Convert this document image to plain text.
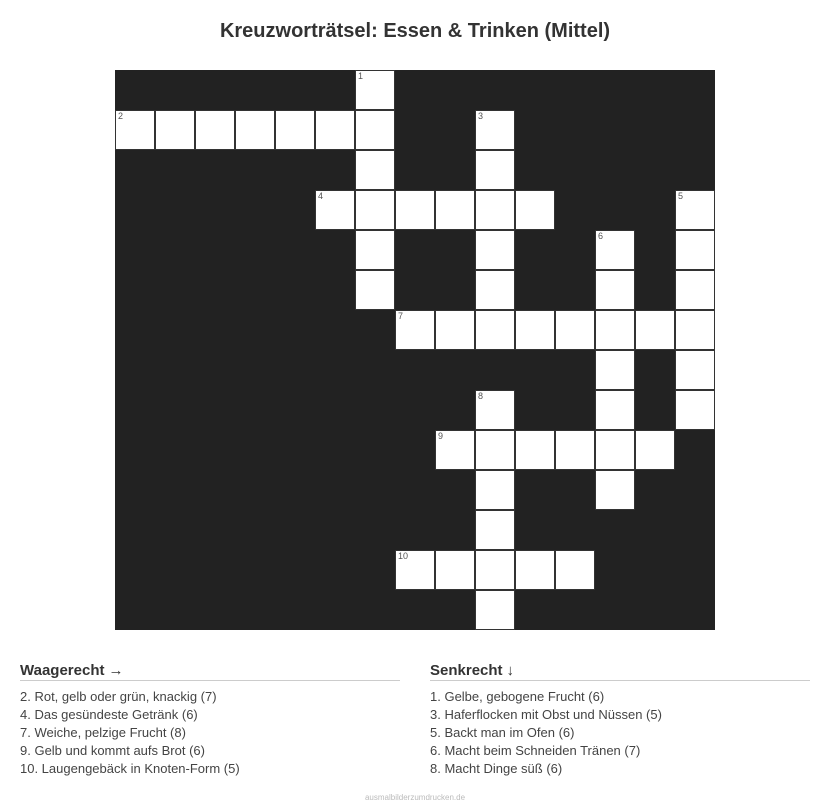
Kreuzworträtsel: Essen & Trinken (Mittel)
1
2	3
4	5
6
7
8
9
10
Waagerecht →
2. Rot, gelb oder grün, knackig (7)
4. Das gesündeste Getränk (6)
7. Weiche, pelzige Frucht (8)
9. Gelb und kommt aufs Brot (6)
10. Laugengebäck in Knoten-Form (5)
Senkrecht ↓
1. Gelbe, gebogene Frucht (6)
3. Haferflocken mit Obst und Nüssen (5)
5. Backt man im Ofen (6)
6. Macht beim Schneiden Tränen (7)
8. Macht Dinge süß (6)
ausmalbilderzumdrucken.de
